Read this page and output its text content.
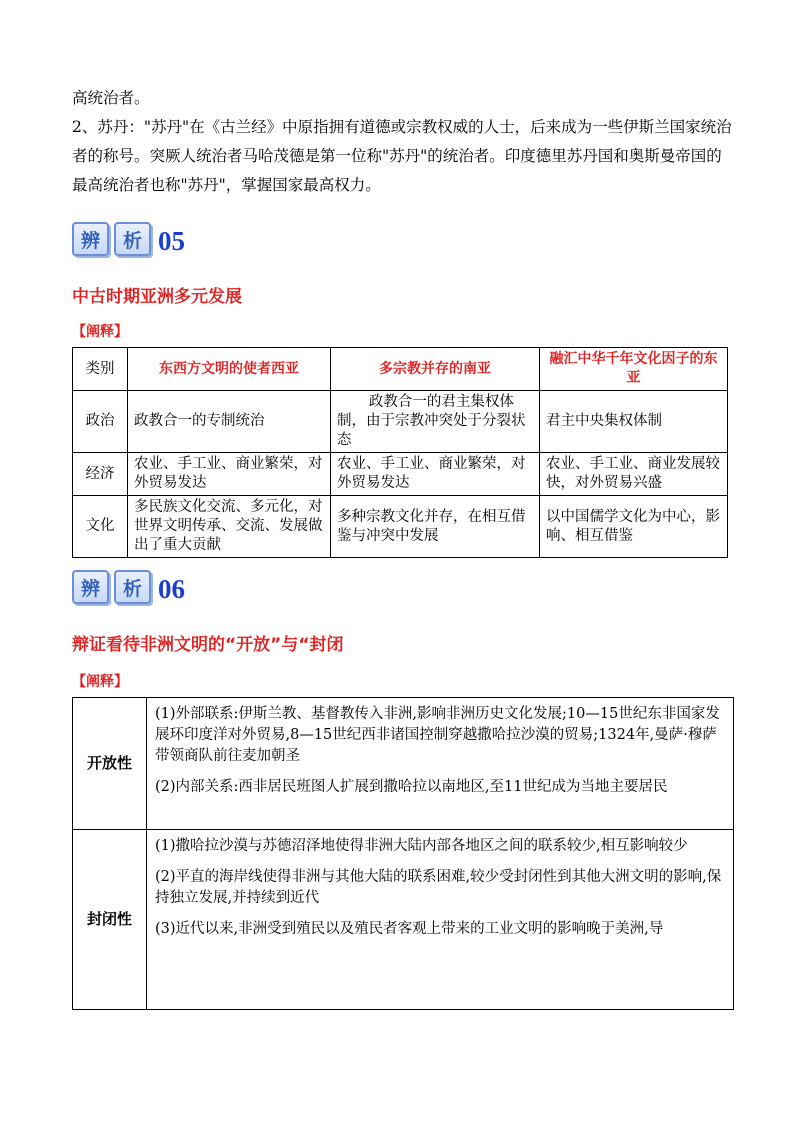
高统治者。

2、苏丹："苏丹"在《古兰经》中原指拥有道德或宗教权威的人士，后来成为一些伊斯兰国家统治者的称号。突厥人统治者马哈茂德是第一位称"苏丹"的统治者。印度德里苏丹国和奥斯曼帝国的最高统治者也称"苏丹"，掌握国家最高权力。

辨	析 05

中古时期亚洲多元发展

【阐释】

类别	东西方文明的使者西亚	多宗教并存的南亚	融汇中华千年文化因子的东亚
政治	政教合一的专制统治	政教合一的君主集权体制，由于宗教冲突处于分裂状态	君主中央集权体制
经济	农业、手工业、商业繁荣，对外贸易发达	农业、手工业、商业繁荣，对外贸易发达	农业、手工业、商业发展较快，对外贸易兴盛
文化	多民族文化交流、多元化，对世界文明传承、交流、发展做出了重大贡献	多种宗教文化并存，在相互借鉴与冲突中发展	以中国儒学文化为中心，影响、相互借鉴
辨	析 06

辩证看待非洲文明的“开放”与“封闭

【阐释】

开放性	(1)外部联系:伊斯兰教、基督教传入非洲,影响非洲历史文化发展;10—15世纪东非国家发展环印度洋对外贸易,8—15世纪西非诸国控制穿越撒哈拉沙漠的贸易;1324年,曼萨·穆萨带领商队前往麦加朝圣

(2)内部关系:西非居民班图人扩展到撒哈拉以南地区,至11世纪成为当地主要居民

封闭性	(1)撒哈拉沙漠与苏德沼泽地使得非洲大陆内部各地区之间的联系较少,相互影响较少

(2)平直的海岸线使得非洲与其他大陆的联系困难,较少受封闭性到其他大洲文明的影响,保持独立发展,并持续到近代

(3)近代以来,非洲受到殖民以及殖民者客观上带来的工业文明的影响晚于美洲,导
